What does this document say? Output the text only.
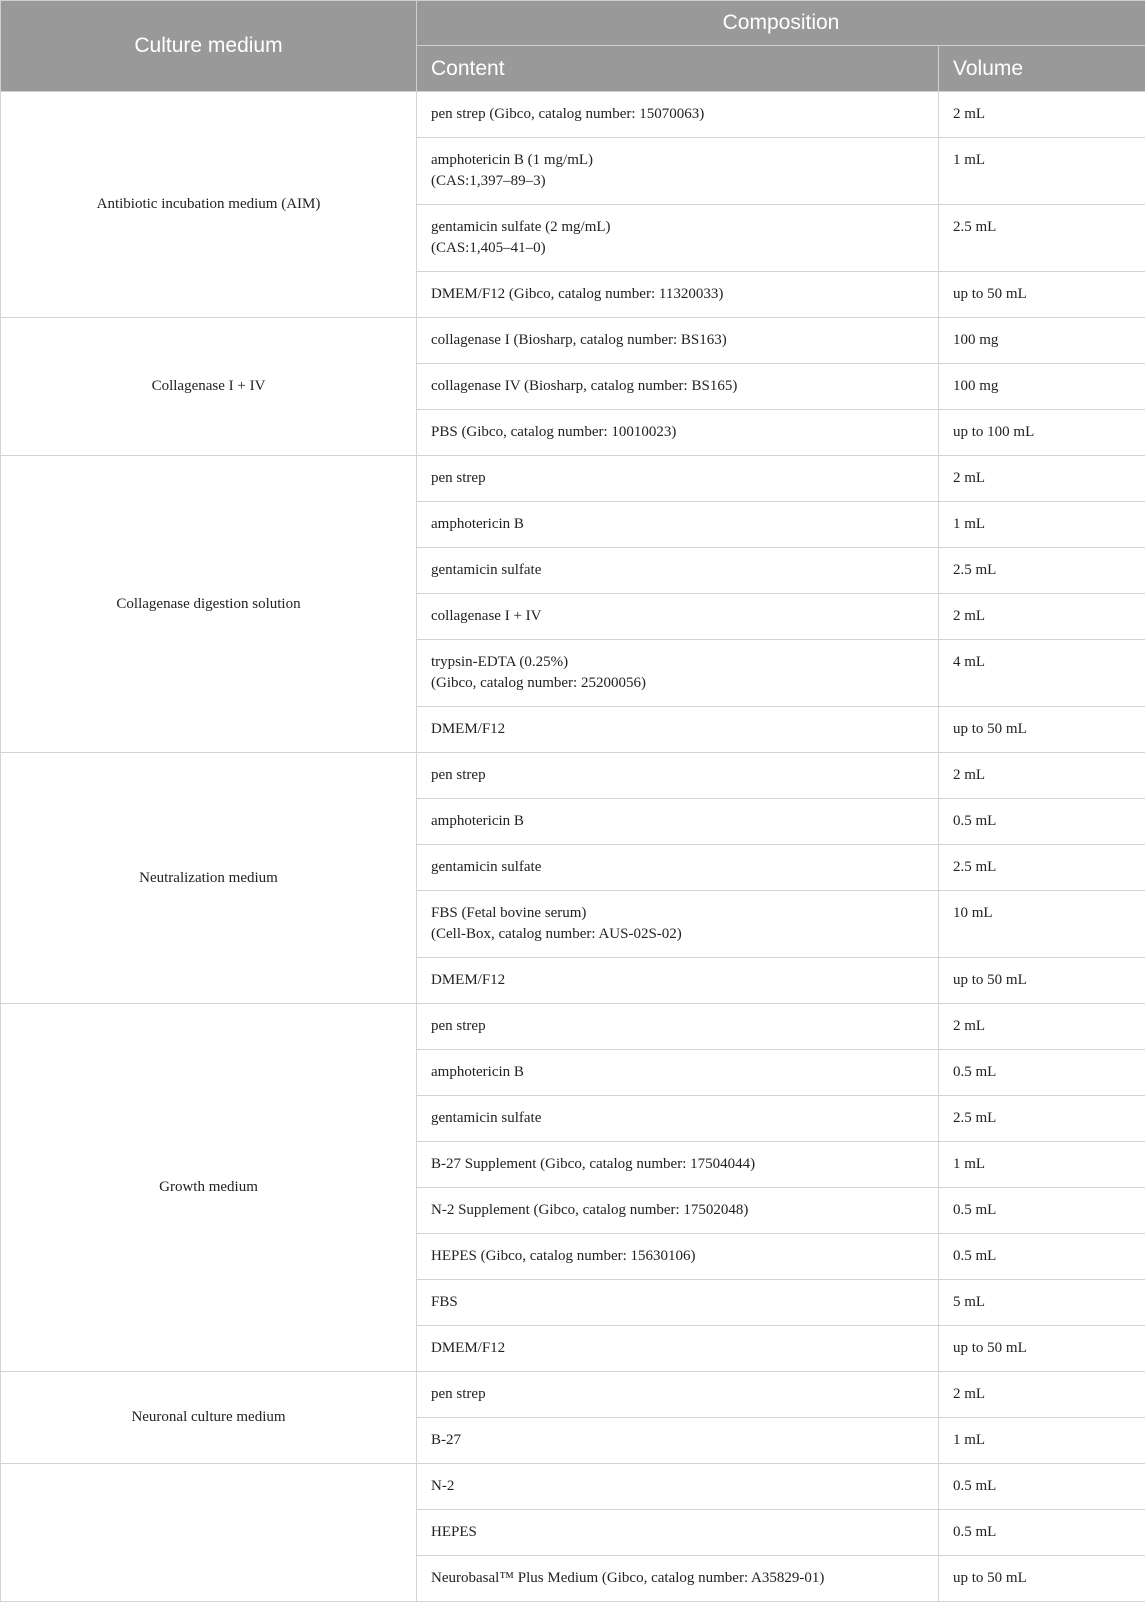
Culture medium	Composition	
	Content	Volume
Antibiotic incubation medium (AIM)	pen strep (Gibco, catalog number: 15070063)	2 mL

	amphotericin B (1 mg/mL)
(CAS:1,397–89–3)	1 mL

	gentamicin sulfate (2 mg/mL)
(CAS:1,405–41–0)	2.5 mL

	DMEM/F12 (Gibco, catalog number: 11320033)	up to 50 mL
Collagenase I + IV	collagenase I (Biosharp, catalog number: BS163)	100 mg

	collagenase IV (Biosharp, catalog number: BS165)	100 mg

	PBS (Gibco, catalog number: 10010023)	up to 100 mL
Collagenase digestion solution	pen strep	2 mL

	amphotericin B	1 mL

	gentamicin sulfate	2.5 mL

	collagenase I + IV	2 mL

	trypsin-EDTA (0.25%)
(Gibco, catalog number: 25200056)	4 mL

	DMEM/F12	up to 50 mL
Neutralization medium	pen strep	2 mL

	amphotericin B	0.5 mL

	gentamicin sulfate	2.5 mL

	FBS (Fetal bovine serum)
(Cell-Box, catalog number: AUS-02S-02)	10 mL

	DMEM/F12	up to 50 mL
Growth medium	pen strep	2 mL

	amphotericin B	0.5 mL

	gentamicin sulfate	2.5 mL

	B-27 Supplement (Gibco, catalog number: 17504044)	1 mL

	N-2 Supplement (Gibco, catalog number: 17502048)	0.5 mL

	HEPES (Gibco, catalog number: 15630106)	0.5 mL

	FBS	5 mL

	DMEM/F12	up to 50 mL
Neuronal culture medium	pen strep	2 mL

	B-27	1 mL

	N-2	0.5 mL

	HEPES	0.5 mL

	Neurobasal™ Plus Medium (Gibco, catalog number: A35829-01)	up to 50 mL
